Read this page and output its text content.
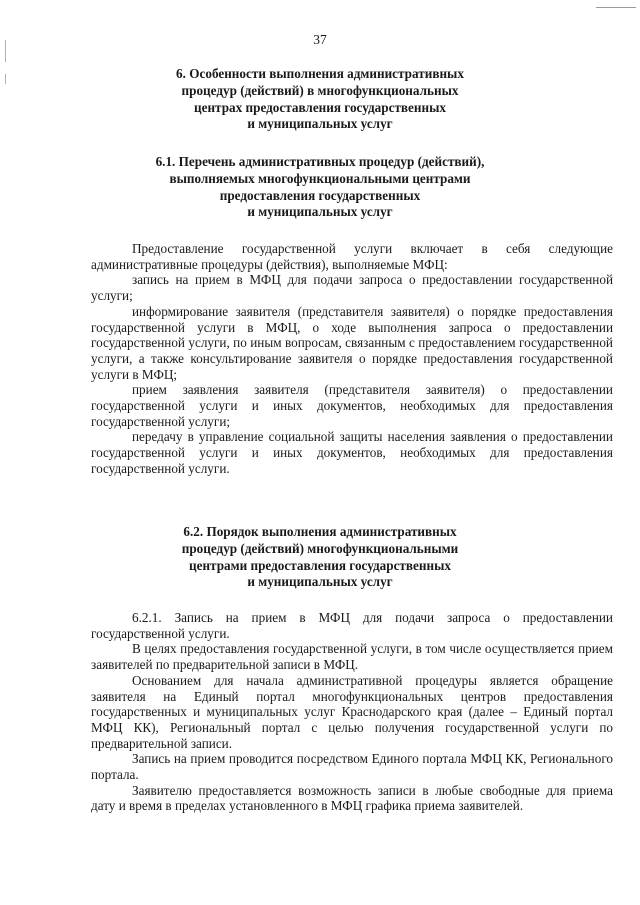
37
6. Особенности выполнения административных
процедур (действий) в многофункциональных
центрах предоставления государственных
и муниципальных услуг
6.1. Перечень административных процедур (действий),
выполняемых многофункциональными центрами
предоставления государственных
и муниципальных услуг
Предоставление государственной услуги включает в себя следующие административные процедуры (действия), выполняемые МФЦ:
запись на прием в МФЦ для подачи запроса о предоставлении государственной услуги;
информирование заявителя (представителя заявителя) о порядке предоставления государственной услуги в МФЦ, о ходе выполнения запроса о предоставлении государственной услуги, по иным вопросам, связанным с предоставлением государственной услуги, а также консультирование заявителя о порядке предоставления государственной услуги в МФЦ;
прием заявления заявителя (представителя заявителя) о предоставлении государственной услуги и иных документов, необходимых для предоставления государственной услуги;
передачу в управление социальной защиты населения заявления о предоставлении государственной услуги и иных документов, необходимых для предоставления государственной услуги.
6.2. Порядок выполнения административных
процедур (действий) многофункциональными
центрами предоставления государственных
и муниципальных услуг
6.2.1. Запись на прием в МФЦ для подачи запроса о предоставлении государственной услуги.
В целях предоставления государственной услуги, в том числе осуществляется прием заявителей по предварительной записи в МФЦ.
Основанием для начала административной процедуры является обращение заявителя на Единый портал многофункциональных центров предоставления государственных и муниципальных услуг Краснодарского края (далее – Единый портал МФЦ КК), Региональный портал с целью получения государственной услуги по предварительной записи.
Запись на прием проводится посредством Единого портала МФЦ КК, Регионального портала.
Заявителю предоставляется возможность записи в любые свободные для приема дату и время в пределах установленного в МФЦ графика приема заявителей.
